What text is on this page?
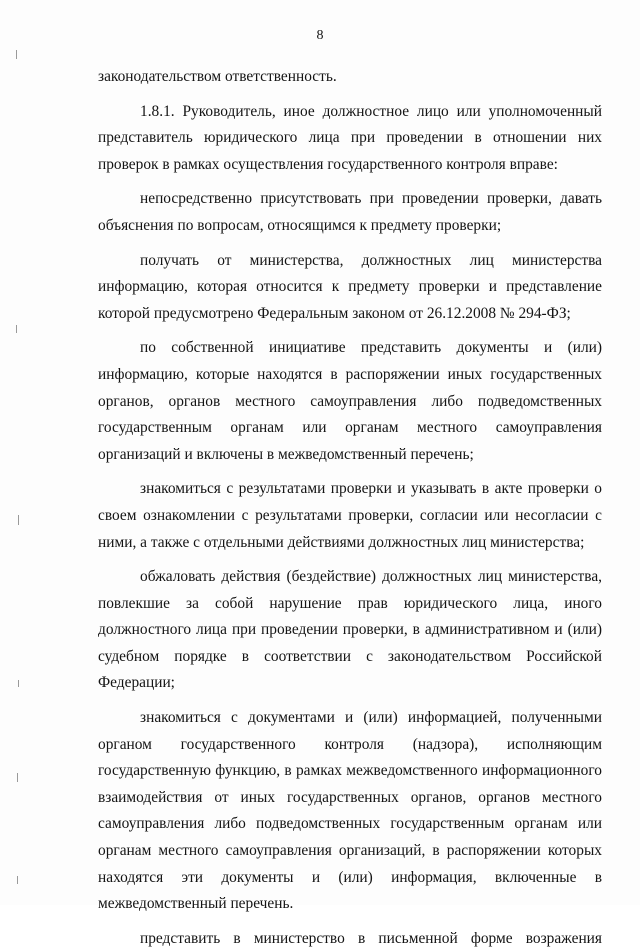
8

законодательством ответственность.

1.8.1. Руководитель, иное должностное лицо или уполномоченный представитель юридического лица при проведении в отношении них проверок в рамках осуществления государственного контроля вправе:

непосредственно присутствовать при проведении проверки, давать объяснения по вопросам, относящимся к предмету проверки;

получать от министерства, должностных лиц министерства информацию, которая относится к предмету проверки и представление которой предусмотрено Федеральным законом от 26.12.2008 № 294-ФЗ;

по собственной инициативе представить документы и (или) информацию, которые находятся в распоряжении иных государственных органов, органов местного самоуправления либо подведомственных государственным органам или органам местного самоуправления организаций и включены в межведомственный перечень;

знакомиться с результатами проверки и указывать в акте проверки о своем ознакомлении с результатами проверки, согласии или несогласии с ними, а также с отдельными действиями должностных лиц министерства;

обжаловать действия (бездействие) должностных лиц министерства, повлекшие за собой нарушение прав юридического лица, иного должностного лица при проведении проверки, в административном и (или) судебном порядке в соответствии с законодательством Российской Федерации;

знакомиться с документами и (или) информацией, полученными органом государственного контроля (надзора), исполняющим государственную функцию, в рамках межведомственного информационного взаимодействия от иных государственных органов, органов местного самоуправления либо подведомственных государственным органам или органам местного самоуправления организаций, в распоряжении которых находятся эти документы и (или) информация, включенные в межведомственный перечень.

представить в министерство в письменной форме возражения
